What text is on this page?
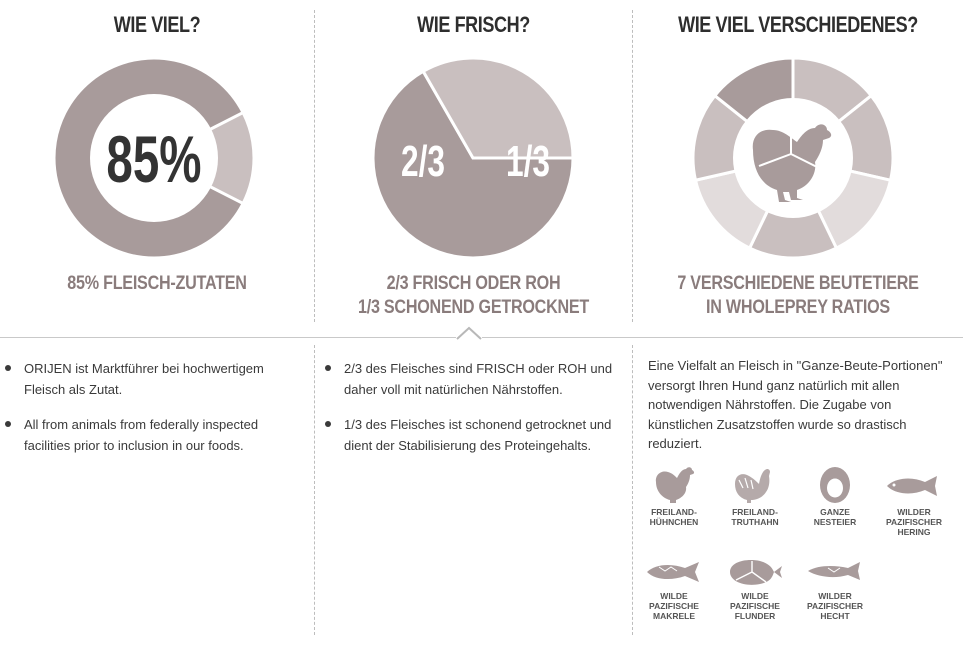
WIE VIEL?
85%
85% FLEISCH-ZUTATEN
ORIJEN ist Marktführer bei hochwertigem Fleisch als Zutat.
All from animals from federally inspected facilities prior to inclusion in our foods.
WIE FRISCH?
2/3 1/3
2/3 FRISCH ODER ROH
1/3 SCHONEND GETROCKNET
2/3 des Fleisches sind FRISCH oder ROH und daher voll mit natürlichen Nährstoffen.
1/3 des Fleisches ist schonend getrocknet und dient der Stabilisierung des Proteingehalts.
WIE VIEL VERSCHIEDENES?
7 VERSCHIEDENE BEUTETIERE
IN WHOLEPREY RATIOS
Eine Vielfalt an Fleisch in "Ganze-Beute-Portionen" versorgt Ihren Hund ganz natürlich mit allen notwendigen Nährstoffen. Die Zugabe von künstlichen Zusatzstoffen wurde so drastisch reduziert.
FREILAND-
HÜHNCHEN
FREILAND-
TRUTHAHN
GANZE
NESTEIER
WILDER
PAZIFISCHER
HERING
WILDE
PAZIFISCHE
MAKRELE
WILDE
PAZIFISCHE
FLUNDER
WILDER
PAZIFISCHER
HECHT
